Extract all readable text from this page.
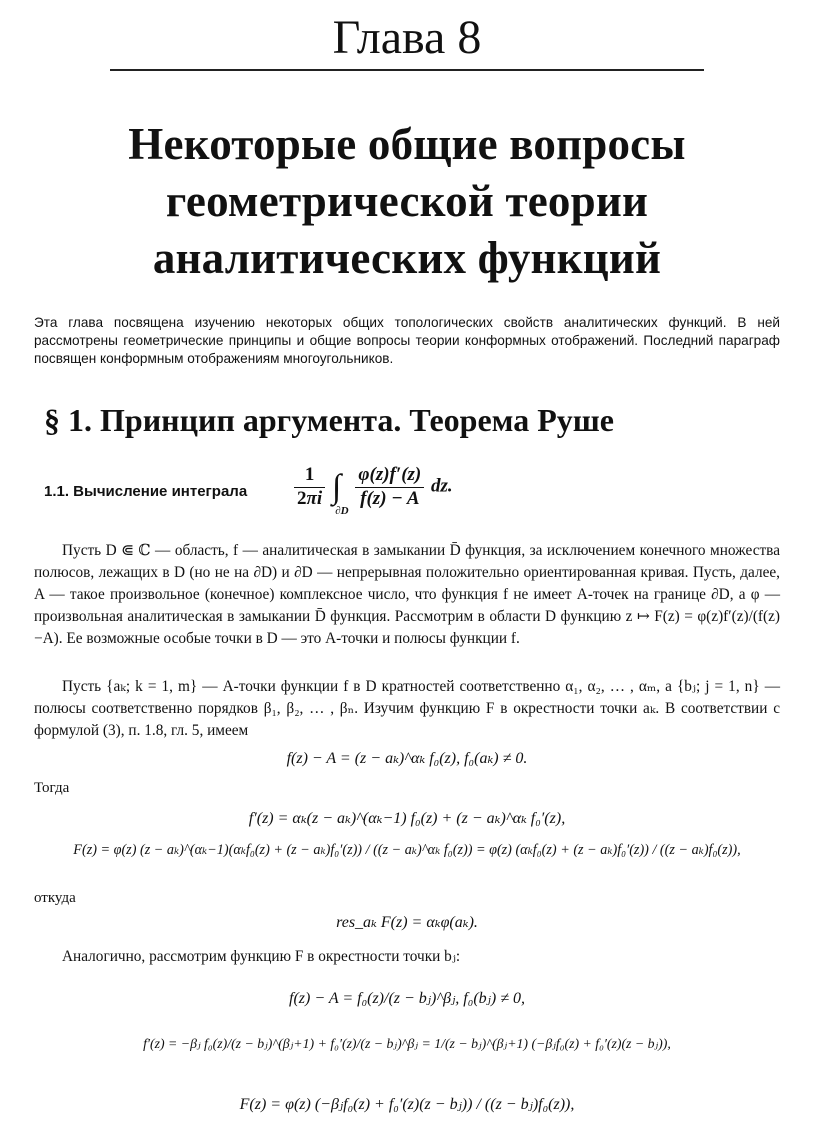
Глава 8
Некоторые общие вопросы
геометрической теории
аналитических функций
Эта глава посвящена изучению некоторых общих топологических свойств аналитических функций. В ней рассмотрены геометрические принципы и общие вопросы теории конформных отображений. Последний параграф посвящен конформным отображениям многоугольников.
§ 1. Принцип аргумента. Теорема Руше
1.1. Вычисление интеграла $\frac{1}{2\pi i} \int_{\partial D}$
$\frac{\varphi(z)f'(z)}{f(z) - A}$ dz.
Пусть D ⋐ ℂ — область, f — аналитическая в замыкании D̄ функция, за исключением конечного множества полюсов, лежащих в D (но не на ∂D) и ∂D — непрерывная положительно ориентированная кривая. Пусть, далее, A — такое произвольное (конечное) комплексное число, что функция f не имеет A-точек на границе ∂D, а φ — произвольная аналитическая в замыкании D̄ функция. Рассмотрим в области D функцию z ↦ F(z) = φ(z)f′(z)/(f(z)−A). Ее возможные особые точки в D — это A-точки и полюсы функции f.
Пусть {aₖ; k = 1, m} — A-точки функции f в D кратностей соответственно α₁, α₂, … , αₘ, а {bⱼ; j = 1, n} — полюсы соответственно порядков β₁, β₂, … , βₙ. Изучим функцию F в окрестности точки aₖ. В соответствии с формулой (3), п. 1.8, гл. 5, имеем
f(z) − A = (z − aₖ)^αₖ f₀(z), f₀(aₖ) ≠ 0.
Тогда
f′(z) = αₖ(z − aₖ)^(αₖ−1) f₀(z) + (z − aₖ)^αₖ f₀′(z),
F(z) = φ(z) (z − aₖ)^(αₖ−1)(αₖf₀(z) + (z − aₖ)f₀′(z)) / ((z − aₖ)^αₖ f₀(z)) = φ(z) (αₖf₀(z) + (z − aₖ)f₀′(z)) / ((z − aₖ)f₀(z)),
откуда
res_aₖ F(z) = αₖφ(aₖ).
Аналогично, рассмотрим функцию F в окрестности точки bⱼ:
f(z) − A = f₀(z)/(z − bⱼ)^βⱼ, f₀(bⱼ) ≠ 0,
f′(z) = −βⱼ f₀(z)/(z − bⱼ)^(βⱼ+1) + f₀′(z)/(z − bⱼ)^βⱼ = 1/(z − bⱼ)^(βⱼ+1) (−βⱼf₀(z) + f₀′(z)(z − bⱼ)),
F(z) = φ(z) (−βⱼf₀(z) + f₀′(z)(z − bⱼ)) / ((z − bⱼ)f₀(z)),
